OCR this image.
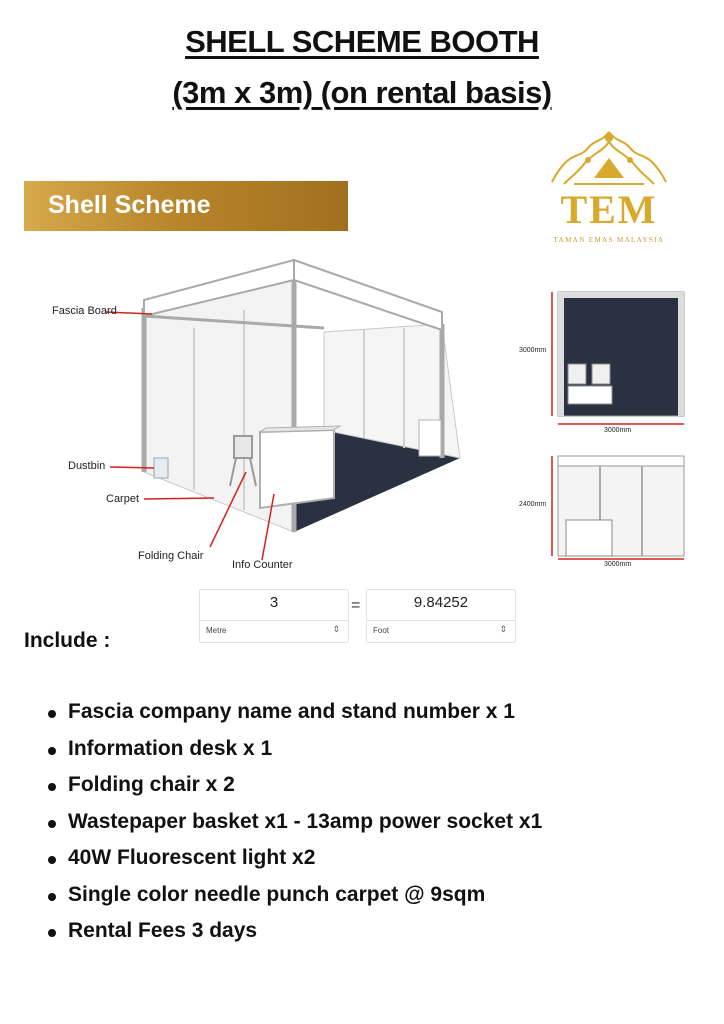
SHELL SCHEME BOOTH
(3m x 3m) (on rental basis)
Shell Scheme	TEM
TAMAN EMAS MALAYSIA
Fascia Board
Dustbin
Carpet
Folding Chair
Info Counter
3000mm
3000mm
2400mm
3000mm
3
Metre	⇕
=	9.84252
Foot	⇕
Include :
Fascia company name and stand number x 1
Information desk x 1
Folding chair x 2
Wastepaper basket x1 - 13amp power socket x1
40W Fluorescent light x2
Single color needle punch carpet @ 9sqm
Rental Fees 3 days
